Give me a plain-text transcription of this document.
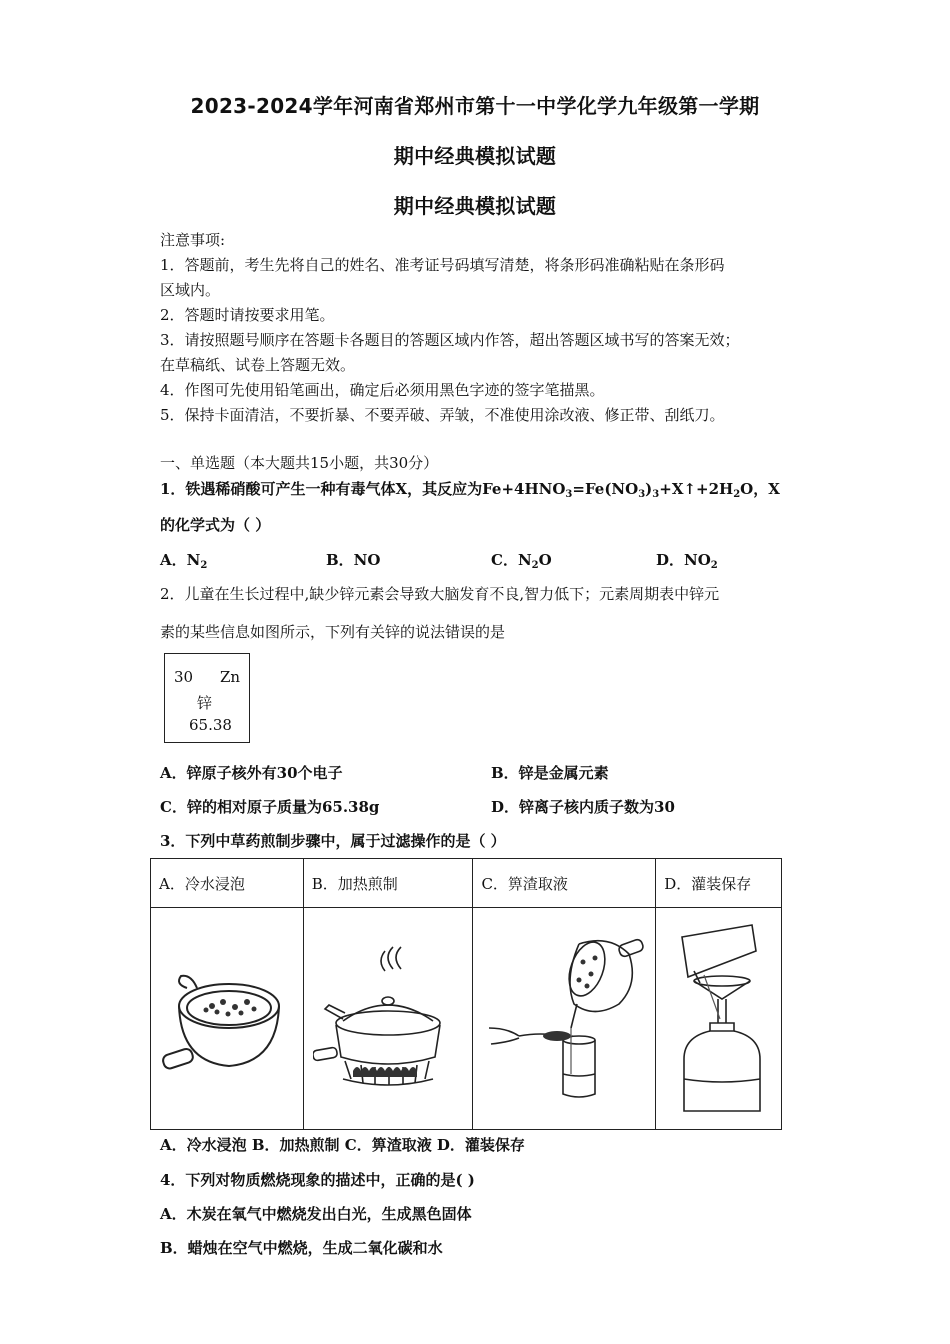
2023-2024学年河南省郑州市第十一中学化学九年级第一学期
期中经典模拟试题
期中经典模拟试题
注意事项:
1．答题前，考生先将自己的姓名、准考证号码填写清楚，将条形码准确粘贴在条形码
区域内。
2．答题时请按要求用笔。
3．请按照题号顺序在答题卡各题目的答题区域内作答，超出答题区域书写的答案无效；
在草稿纸、试卷上答题无效。
4．作图可先使用铅笔画出，确定后必须用黑色字迹的签字笔描黑。
5．保持卡面清洁，不要折暴、不要弄破、弄皱，不准使用涂改液、修正带、刮纸刀。
一、单选题（本大题共15小题，共30分）
1．铁遇稀硝酸可产生一种有毒气体X，其反应为$Fe+4HNO_3=Fe(NO_3)_3+X↑+2H_2O$，X
的化学式为（ ）
A．$N_2$	B．NO	C．$N_2O$	D．$NO_2$
2．儿童在生长过程中,缺少锌元素会导致大脑发育不良,智力低下；元素周期表中锌元
素的某些信息如图所示，下列有关锌的说法错误的是
30 Zn
锌
65.38
A．锌原子核外有30个电子	B．锌是金属元素
C．锌的相对原子质量为65.38g	D．锌离子核内质子数为30
3．下列中草药煎制步骤中，属于过滤操作的是（ ）
A．冷水浸泡	B．加热煎制	C．箅渣取液	D．灌装保存

A．冷水浸泡 B．加热煎制 C．箅渣取液 D．灌装保存
4．下列对物质燃烧现象的描述中，正确的是( )
A．木炭在氧气中燃烧发出白光，生成黑色固体
B．蜡烛在空气中燃烧，生成二氧化碳和水
